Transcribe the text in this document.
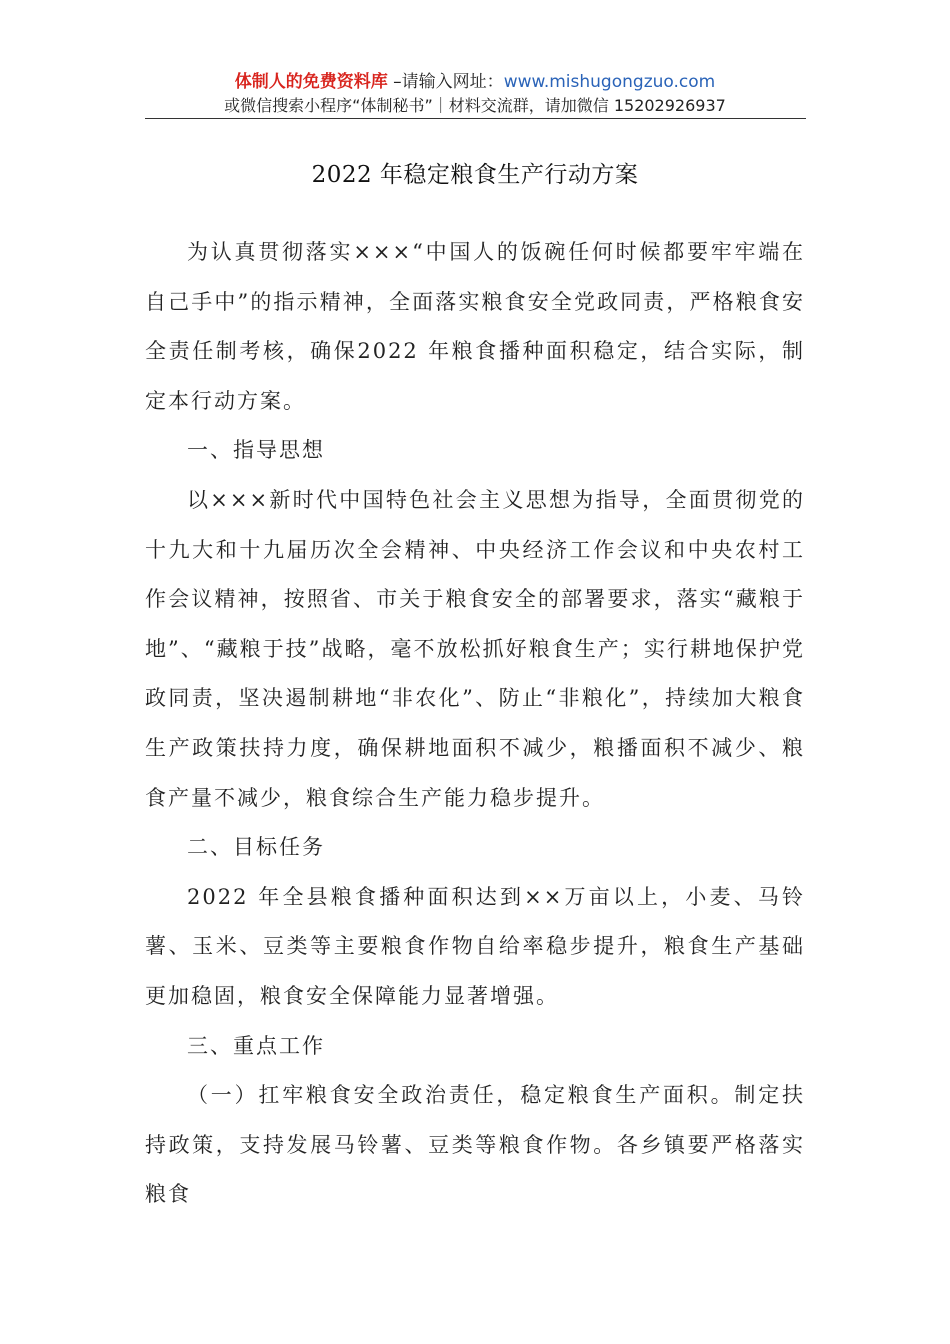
体制人的免费资料库 –请输入网址：www.mishugongzuo.com
或微信搜索小程序“体制秘书”｜材料交流群，请加微信 15202926937
2022 年稳定粮食生产行动方案

为认真贯彻落实×××“中国人的饭碗任何时候都要牢牢端在自己手中”的指示精神，全面落实粮食安全党政同责，严格粮食安全责任制考核，确保2022 年粮食播种面积稳定，结合实际，制定本行动方案。

一、指导思想

以×××新时代中国特色社会主义思想为指导，全面贯彻党的十九大和十九届历次全会精神、中央经济工作会议和中央农村工作会议精神，按照省、市关于粮食安全的部署要求，落实“藏粮于地”、“藏粮于技”战略，毫不放松抓好粮食生产；实行耕地保护党政同责，坚决遏制耕地“非农化”、防止“非粮化”，持续加大粮食生产政策扶持力度，确保耕地面积不减少，粮播面积不减少、粮食产量不减少，粮食综合生产能力稳步提升。

二、目标任务

2022 年全县粮食播种面积达到××万亩以上，小麦、马铃薯、玉米、豆类等主要粮食作物自给率稳步提升，粮食生产基础更加稳固，粮食安全保障能力显著增强。

三、重点工作

（一）扛牢粮食安全政治责任，稳定粮食生产面积。制定扶持政策，支持发展马铃薯、豆类等粮食作物。各乡镇要严格落实粮食
